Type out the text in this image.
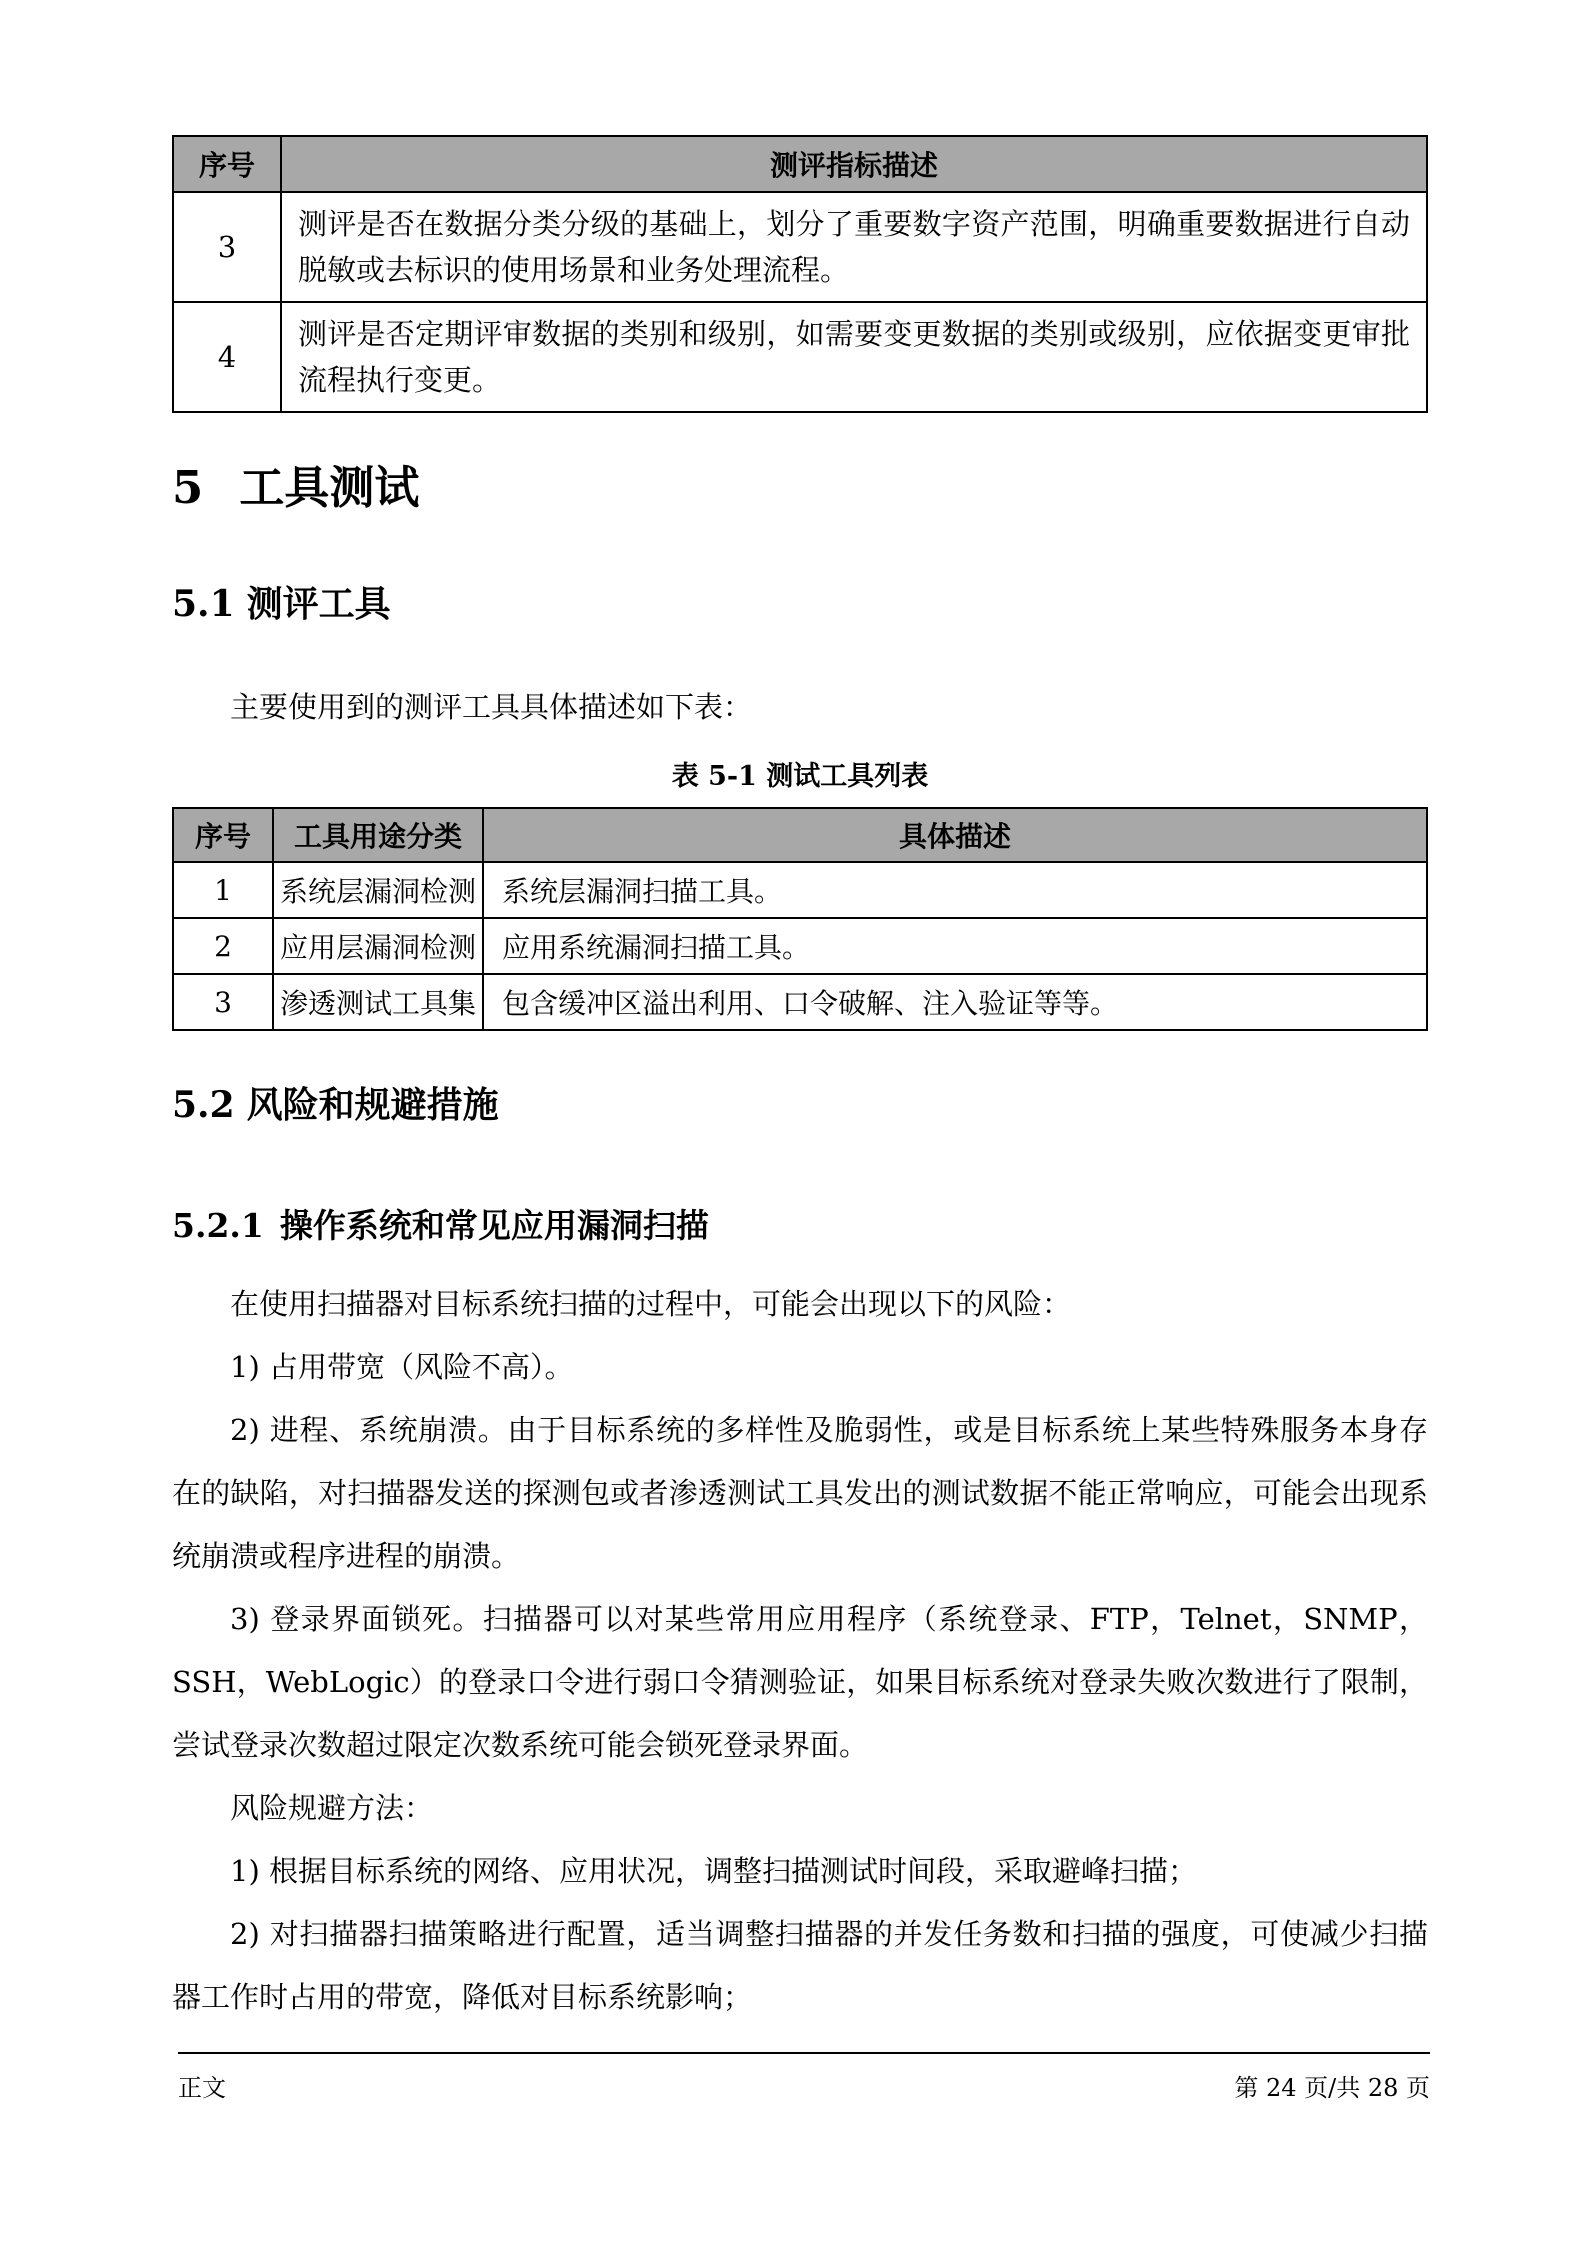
序号	测评指标描述
3	测评是否在数据分类分级的基础上，划分了重要数字资产范围，明确重要数据进行自动脱敏或去标识的使用场景和业务处理流程。
4	测评是否定期评审数据的类别和级别，如需要变更数据的类别或级别，应依据变更审批流程执行变更。
5 工具测试
5.1 测评工具

主要使用到的测评工具具体描述如下表：

表 5-1 测试工具列表
序号	工具用途分类	具体描述
1	系统层漏洞检测	系统层漏洞扫描工具。
2	应用层漏洞检测	应用系统漏洞扫描工具。
3	渗透测试工具集	包含缓冲区溢出利用、口令破解、注入验证等等。
5.2 风险和规避措施
5.2.1 操作系统和常见应用漏洞扫描

在使用扫描器对目标系统扫描的过程中，可能会出现以下的风险：

1) 占用带宽（风险不高）。

2) 进程、系统崩溃。由于目标系统的多样性及脆弱性，或是目标系统上某些特殊服务本身存在的缺陷，对扫描器发送的探测包或者渗透测试工具发出的测试数据不能正常响应，可能会出现系统崩溃或程序进程的崩溃。

3) 登录界面锁死。扫描器可以对某些常用应用程序（系统登录、FTP，Telnet，SNMP，SSH，WebLogic）的登录口令进行弱口令猜测验证，如果目标系统对登录失败次数进行了限制，尝试登录次数超过限定次数系统可能会锁死登录界面。

风险规避方法：

1) 根据目标系统的网络、应用状况，调整扫描测试时间段，采取避峰扫描；

2) 对扫描器扫描策略进行配置，适当调整扫描器的并发任务数和扫描的强度，可使减少扫描器工作时占用的带宽，降低对目标系统影响；

正文	第 24 页/共 28 页
